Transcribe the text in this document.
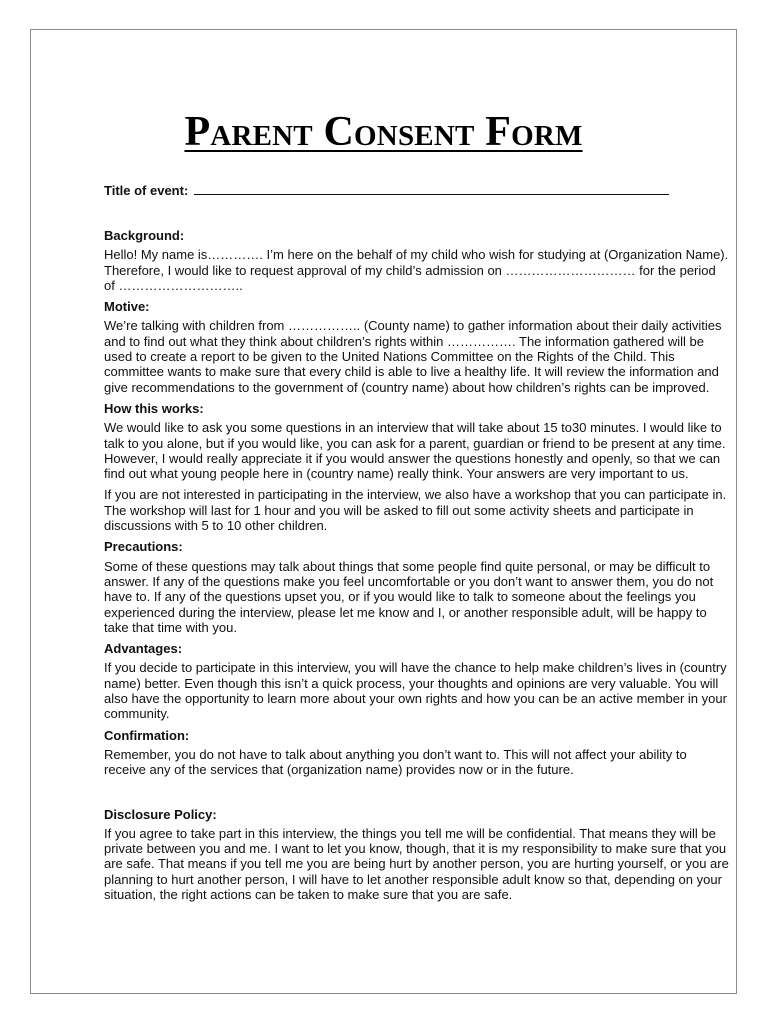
Parent Consent Form
Title of event:

Background:

Hello! My name is…………. I’m here on the behalf of my child who wish for studying at (Organization Name). Therefore, I would like to request approval of my child’s admission on ………………………… for the period of ………………………..

Motive:

We’re talking with children from …………….. (County name) to gather information about their daily activities and to find out what they think about children’s rights within ……………. The information gathered will be used to create a report to be given to the United Nations Committee on the Rights of the Child. This committee wants to make sure that every child is able to live a healthy life. It will review the information and give recommendations to the government of (country name) about how children’s rights can be improved.

How this works:

We would like to ask you some questions in an interview that will take about 15 to30 minutes. I would like to talk to you alone, but if you would like, you can ask for a parent, guardian or friend to be present at any time. However, I would really appreciate it if you would answer the questions honestly and openly, so that we can find out what young people here in (country name) really think. Your answers are very important to us.

If you are not interested in participating in the interview, we also have a workshop that you can participate in. The workshop will last for 1 hour and you will be asked to fill out some activity sheets and participate in discussions with 5 to 10 other children.

Precautions:

Some of these questions may talk about things that some people find quite personal, or may be difficult to answer. If any of the questions make you feel uncomfortable or you don’t want to answer them, you do not have to. If any of the questions upset you, or if you would like to talk to someone about the feelings you experienced during the interview, please let me know and I, or another responsible adult, will be happy to take that time with you.

Advantages:

If you decide to participate in this interview, you will have the chance to help make children’s lives in (country name) better. Even though this isn’t a quick process, your thoughts and opinions are very valuable. You will also have the opportunity to learn more about your own rights and how you can be an active member in your community.

Confirmation:

Remember, you do not have to talk about anything you don’t want to. This will not affect your ability to receive any of the services that (organization name) provides now or in the future.

Disclosure Policy:

If you agree to take part in this interview, the things you tell me will be confidential. That means they will be private between you and me. I want to let you know, though, that it is my responsibility to make sure that you are safe. That means if you tell me you are being hurt by another person, you are hurting yourself, or you are planning to hurt another person, I will have to let another responsible adult know so that, depending on your situation, the right actions can be taken to make sure that you are safe.
